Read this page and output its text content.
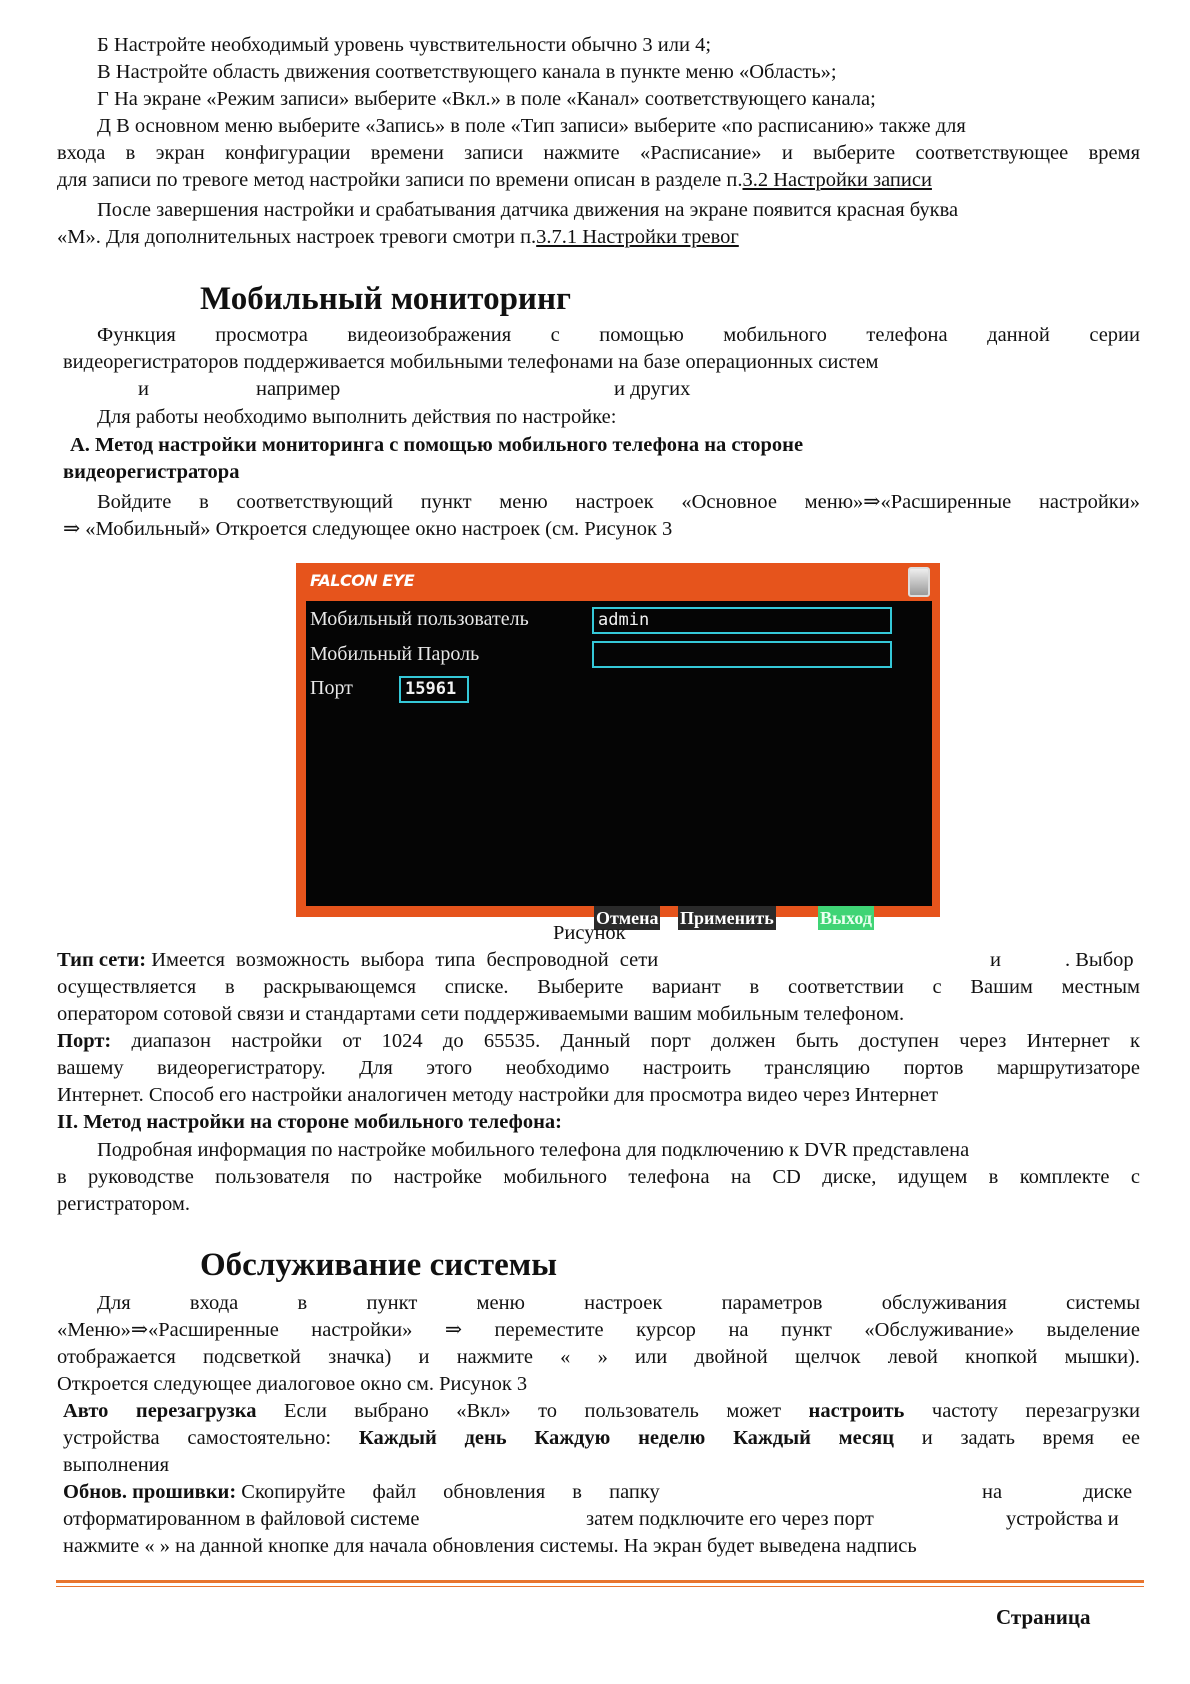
Б Настройте необходимый уровень чувствительности обычно 3 или 4;
В Настройте область движения соответствующего канала в пункте меню «Область»;
Г На экране «Режим записи» выберите «Вкл.» в поле «Канал» соответствующего канала;
Д В основном меню выберите «Запись» в поле «Тип записи» выберите «по расписанию» также для
входа в экран конфигурации времени записи нажмите «Расписание» и выберите соответствующее время
для записи по тревоге метод настройки записи по времени описан в разделе п.3.2 Настройки записи
После завершения настройки и срабатывания датчика движения на экране появится красная буква
«M». Для дополнительных настроек тревоги смотри п.3.7.1 Настройки тревог
Мобильный мониторинг
Функция просмотра видеоизображения с помощью мобильного телефона данной серии
видеорегистраторов поддерживается мобильными телефонами на базе операционных систем
и	например	и других
Для работы необходимо выполнить действия по настройке:
A. Метод настройки мониторинга с помощью мобильного телефона на стороне
видеорегистратора
Войдите в соответствующий пункт меню настроек «Основное меню»⇒«Расширенные настройки»
⇒ «Мобильный» Откроется следующее окно настроек (см. Рисунок 3
FALCON EYE
Мобильный пользователь	admin
Мобильный Пароль
Порт	15961
Отмена Применить	Выход
Рисунок
Тип сети: Имеется возможность выбора типа беспроводной сети	и	. Выбор
осуществляется в раскрывающемся списке. Выберите вариант в соответствии с Вашим местным
оператором сотовой связи и стандартами сети поддерживаемыми вашим мобильным телефоном.
Порт: диапазон настройки от 1024 до 65535. Данный порт должен быть доступен через Интернет к
вашему видеорегистратору. Для этого необходимо настроить трансляцию портов маршрутизаторе
Интернет. Способ его настройки аналогичен методу настройки для просмотра видео через Интернет
II. Метод настройки на стороне мобильного телефона:
Подробная информация по настройке мобильного телефона для подключению к DVR представлена
в руководстве пользователя по настройке мобильного телефона на CD диске, идущем в комплекте с
регистратором.
Обслуживание системы
Для входа в пункт меню настроек параметров обслуживания системы
«Меню»⇒«Расширенные настройки» ⇒ переместите курсор на пункт «Обслуживание» выделение
отображается подсветкой значка) и нажмите « » или двойной щелчок левой кнопкой мышки).
Откроется следующее диалоговое окно см. Рисунок 3
Авто перезагрузка Если выбрано «Вкл» то пользователь может настроить частоту перезагрузки
устройства самостоятельно: Каждый день Каждую неделю Каждый месяц и задать время ее
выполнения
Обнов. прошивки: Скопируйте файл обновления в папку	на	диске
отформатированном в файловой системе	затем подключите его через порт	устройства и
нажмите « » на данной кнопке для начала обновления системы. На экран будет выведена надпись
Страница
